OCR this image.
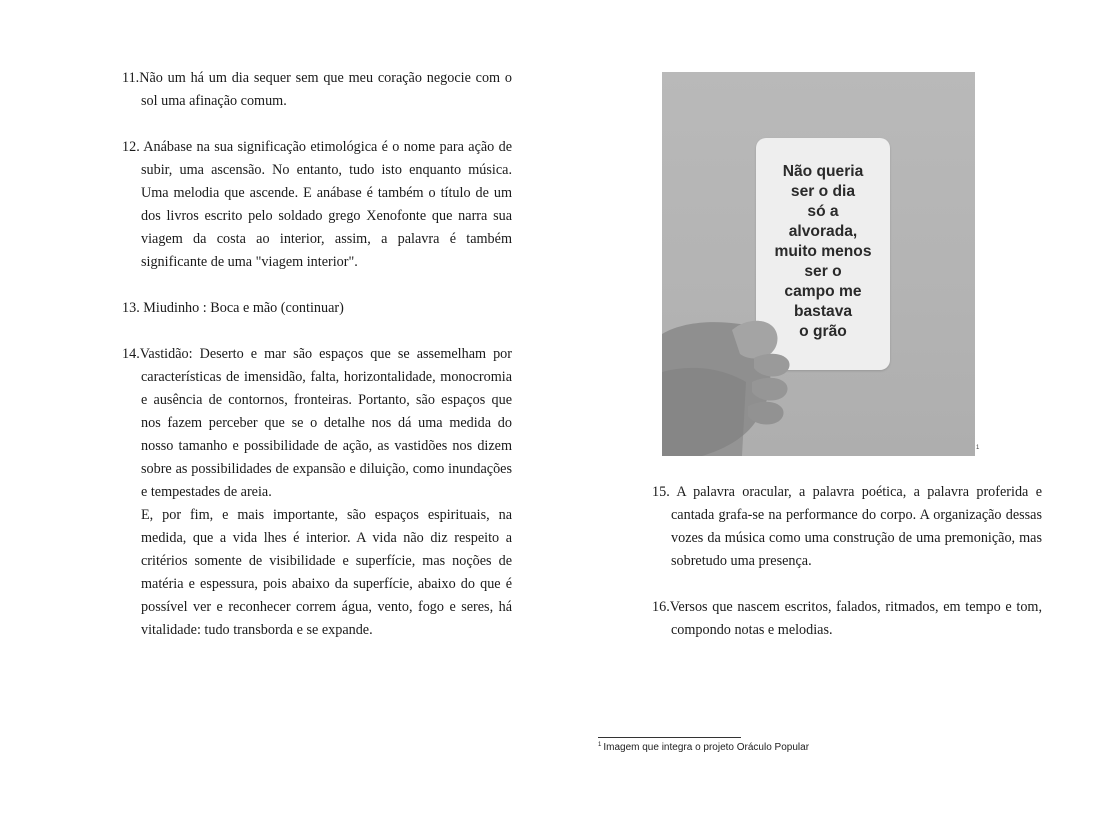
11.Não um há um dia sequer sem que meu coração negocie com o sol uma afinação comum.

12. Anábase na sua significação etimológica é o nome para ação de subir, uma ascensão. No entanto, tudo isto enquanto música. Uma melodia que ascende. E anábase é também o título de um dos livros escrito pelo soldado grego Xenofonte que narra sua viagem da costa ao interior, assim, a palavra é também significante de uma "viagem interior".

13. Miudinho : Boca e mão (continuar)

14.Vastidão: Deserto e mar são espaços que se assemelham por características de imensidão, falta, horizontalidade, monocromia e ausência de contornos, fronteiras. Portanto, são espaços que nos fazem perceber que se o detalhe nos dá uma medida do nosso tamanho e possibilidade de ação, as vastidões nos dizem sobre as possibilidades de expansão e diluição, como inundações e tempestades de areia.

E, por fim, e mais importante, são espaços espirituais, na medida, que a vida lhes é interior. A vida não diz respeito a critérios somente de visibilidade e superfície, mas noções de matéria e espessura, pois abaixo da superfície, abaixo do que é possível ver e reconhecer correm água, vento, fogo e seres, há vitalidade: tudo transborda e se expande.

Não queria
ser o dia
só a
alvorada,
muito menos
ser o
campo me
bastava
o grão

1

15. A palavra oracular, a palavra poética, a palavra proferida e cantada grafa-se na performance do corpo. A organização dessas vozes da música como uma construção de uma premonição, mas sobretudo uma presença.

16.Versos que nascem escritos, falados, ritmados, em tempo e tom, compondo notas e melodias.

$^1$ Imagem que integra o projeto Oráculo Popular
